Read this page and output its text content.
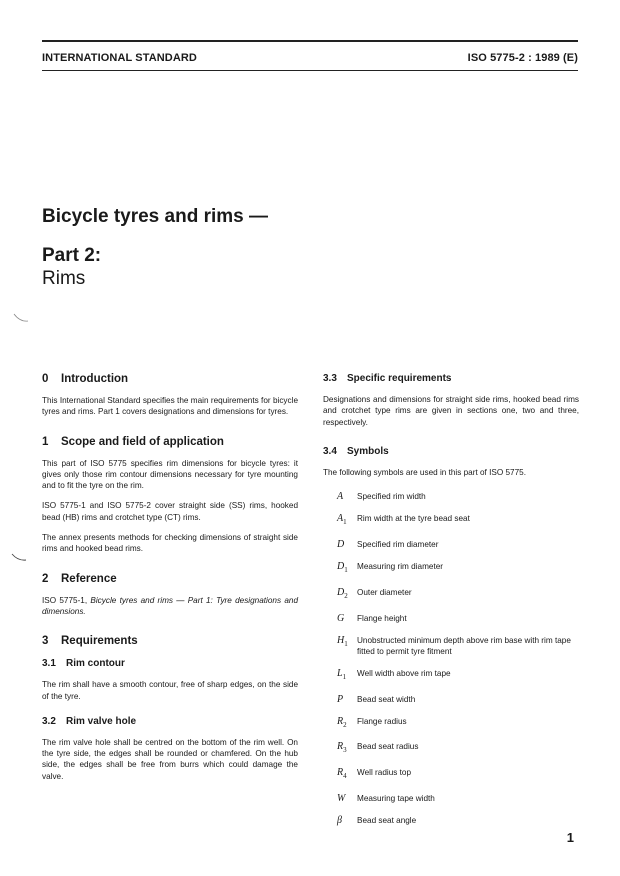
INTERNATIONAL STANDARD	ISO 5775-2 : 1989 (E)
Bicycle tyres and rims —
Part 2:
Rims
0 Introduction

This International Standard specifies the main requirements for bicycle tyres and rims. Part 1 covers designations and dimensions for tyres.

1 Scope and field of application

This part of ISO 5775 specifies rim dimensions for bicycle tyres: it gives only those rim contour dimensions necessary for tyre mounting and to fit the tyre on the rim.

ISO 5775-1 and ISO 5775-2 cover straight side (SS) rims, hooked bead (HB) rims and crotchet type (CT) rims.

The annex presents methods for checking dimensions of straight side rims and hooked bead rims.

2 Reference

ISO 5775-1, Bicycle tyres and rims — Part 1: Tyre designations and dimensions.

3 Requirements
3.1 Rim contour

The rim shall have a smooth contour, free of sharp edges, on the side of the tyre.

3.2 Rim valve hole

The rim valve hole shall be centred on the bottom of the rim well. On the tyre side, the edges shall be rounded or chamfered. On the hub side, the edges shall be free from burrs which could damage the valve.

3.3 Specific requirements

Designations and dimensions for straight side rims, hooked bead rims and crotchet type rims are given in sections one, two and three, respectively.

3.4 Symbols

The following symbols are used in this part of ISO 5775.

A	Specified rim width
$A_1$	Rim width at the tyre bead seat
D	Specified rim diameter
$D_1$	Measuring rim diameter
$D_2$	Outer diameter
G	Flange height
$H_1$	Unobstructed minimum depth above rim base with rim tape fitted to permit tyre fitment
$L_1$	Well width above rim tape
P	Bead seat width
$R_2$	Flange radius
$R_3$	Bead seat radius
$R_4$	Well radius top
W	Measuring tape width
β	Bead seat angle
1
